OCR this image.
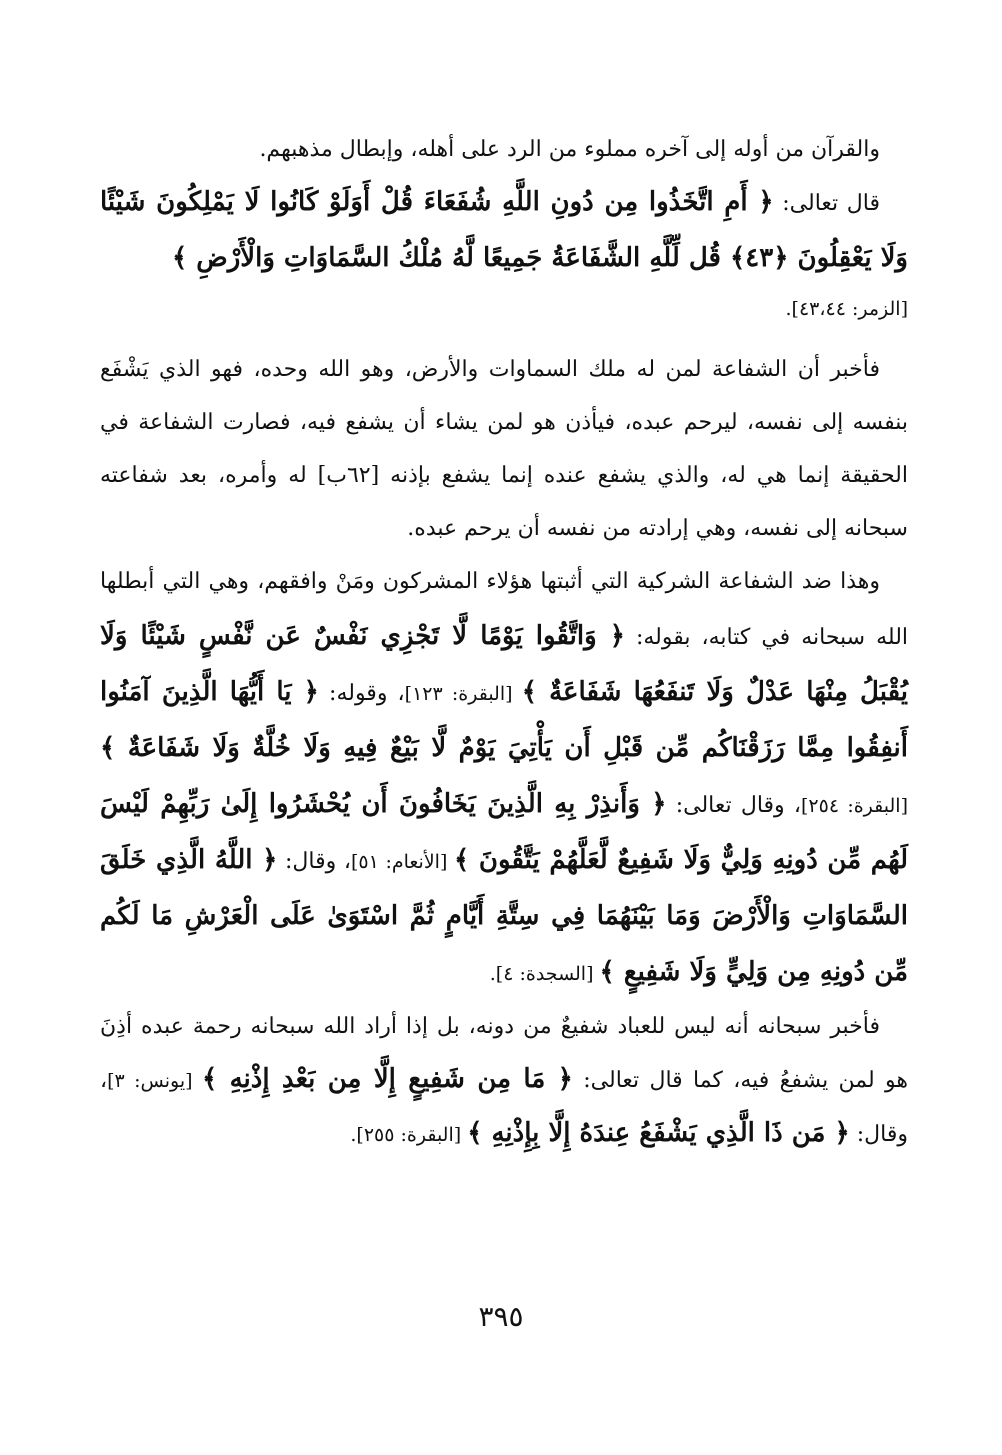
والقرآن من أوله إلى آخره مملوء من الرد على أهله، وإبطال مذهبهم.

قال تعالى: ﴿ أَمِ اتَّخَذُوا مِن دُونِ اللَّهِ شُفَعَاءَ قُلْ أَوَلَوْ كَانُوا لَا يَمْلِكُونَ شَيْئًا وَلَا يَعْقِلُونَ ﴿٤٣﴾ قُل لِّلَّهِ الشَّفَاعَةُ جَمِيعًا لَّهُ مُلْكُ السَّمَاوَاتِ وَالْأَرْضِ ﴾

[الزمر: ٤٣،٤٤].

فأخبر أن الشفاعة لمن له ملك السماوات والأرض، وهو الله وحده، فهو الذي يَشْفَع بنفسه إلى نفسه، ليرحم عبده، فيأذن هو لمن يشاء أن يشفع فيه، فصارت الشفاعة في الحقيقة إنما هي له، والذي يشفع عنده إنما يشفع بإذنه [٦٢ب] له وأمره، بعد شفاعته سبحانه إلى نفسه، وهي إرادته من نفسه أن يرحم عبده.

وهذا ضد الشفاعة الشركية التي أثبتها هؤلاء المشركون ومَنْ وافقهم، وهي التي أبطلها الله سبحانه في كتابه، بقوله: ﴿ وَاتَّقُوا يَوْمًا لَّا تَجْزِي نَفْسٌ عَن نَّفْسٍ شَيْئًا وَلَا يُقْبَلُ مِنْهَا عَدْلٌ وَلَا تَنفَعُهَا شَفَاعَةٌ ﴾ [البقرة: ١٢٣]، وقوله: ﴿ يَا أَيُّهَا الَّذِينَ آمَنُوا أَنفِقُوا مِمَّا رَزَقْنَاكُم مِّن قَبْلِ أَن يَأْتِيَ يَوْمٌ لَّا بَيْعٌ فِيهِ وَلَا خُلَّةٌ وَلَا شَفَاعَةٌ ﴾ [البقرة: ٢٥٤]، وقال تعالى: ﴿ وَأَنذِرْ بِهِ الَّذِينَ يَخَافُونَ أَن يُحْشَرُوا إِلَىٰ رَبِّهِمْ لَيْسَ لَهُم مِّن دُونِهِ وَلِيٌّ وَلَا شَفِيعٌ لَّعَلَّهُمْ يَتَّقُونَ ﴾ [الأنعام: ٥١]، وقال: ﴿ اللَّهُ الَّذِي خَلَقَ السَّمَاوَاتِ وَالْأَرْضَ وَمَا بَيْنَهُمَا فِي سِتَّةِ أَيَّامٍ ثُمَّ اسْتَوَىٰ عَلَى الْعَرْشِ مَا لَكُم مِّن دُونِهِ مِن وَلِيٍّ وَلَا شَفِيعٍ ﴾ [السجدة: ٤].

فأخبر سبحانه أنه ليس للعباد شفيعٌ من دونه، بل إذا أراد الله سبحانه رحمة عبده أذِنَ هو لمن يشفعُ فيه، كما قال تعالى: ﴿ مَا مِن شَفِيعٍ إِلَّا مِن بَعْدِ إِذْنِهِ ﴾ [يونس: ٣]، وقال: ﴿ مَن ذَا الَّذِي يَشْفَعُ عِندَهُ إِلَّا بِإِذْنِهِ ﴾ [البقرة: ٢٥٥].

٣٩٥
